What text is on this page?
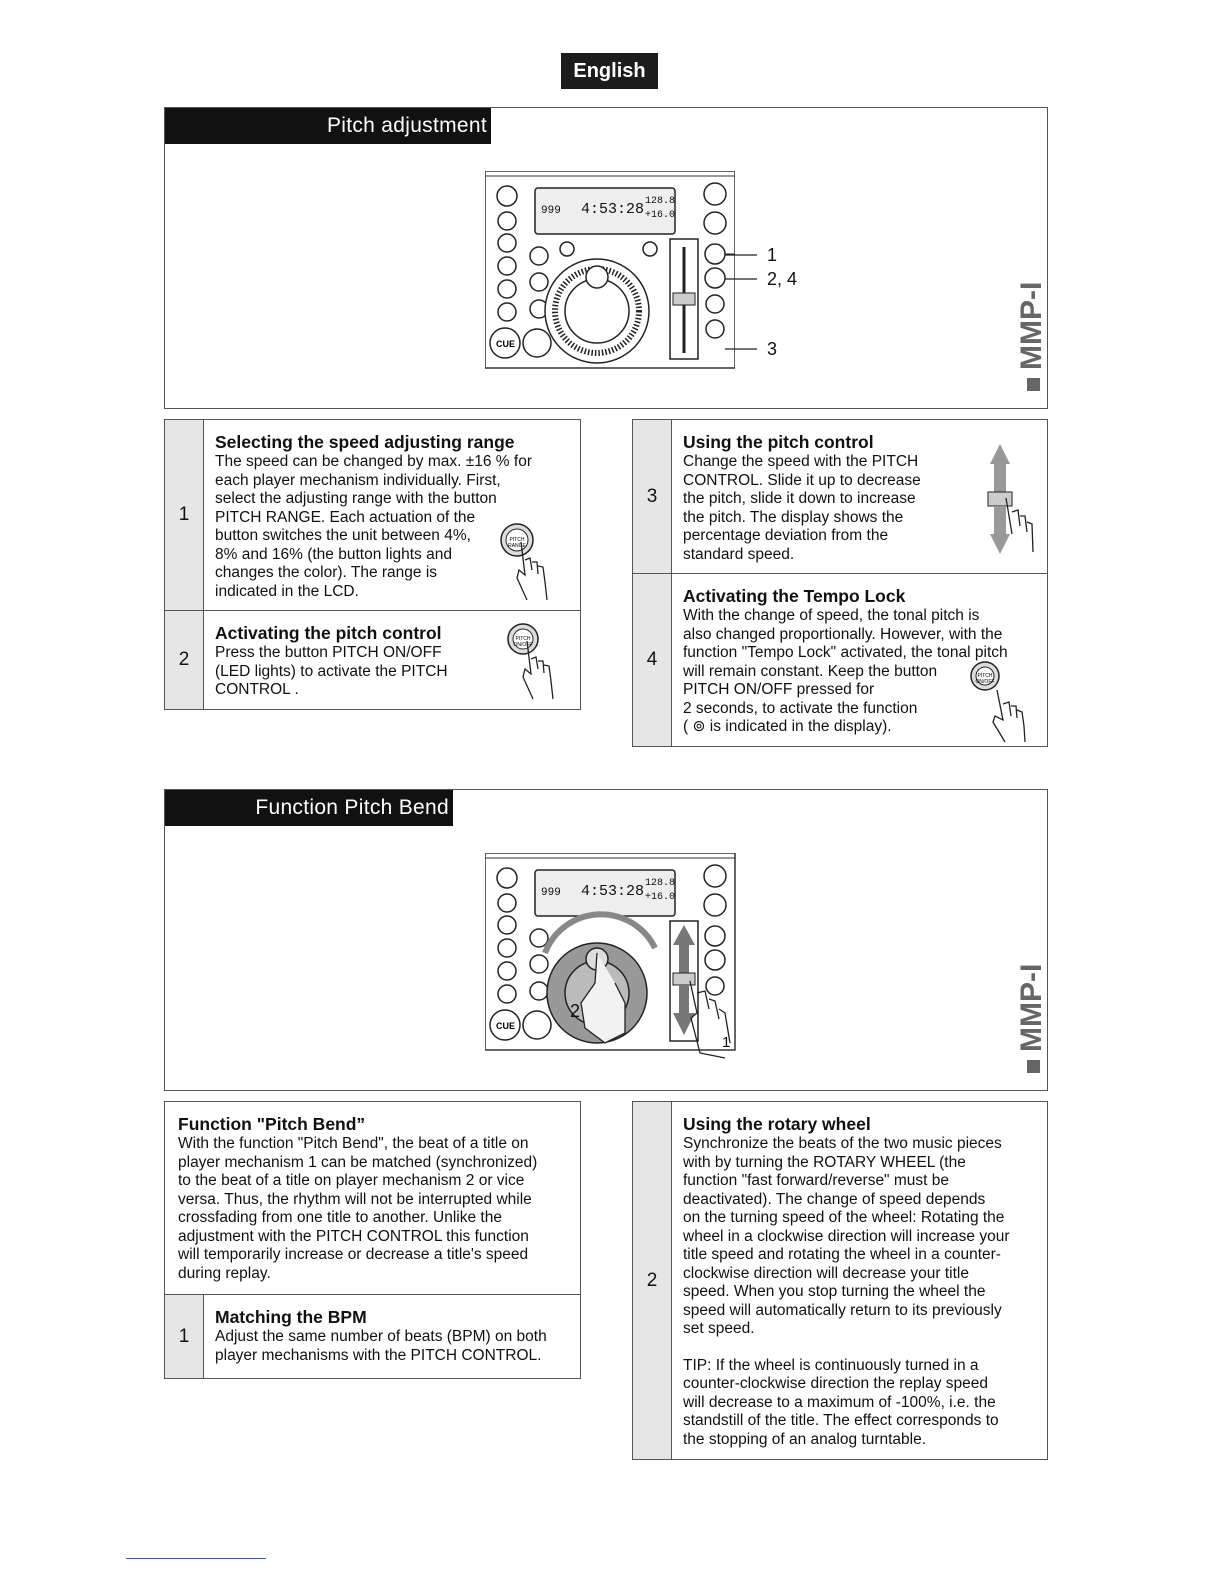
English
Pitch adjustment
999 4:53:28 128.8
+16.0
CUE
1
2, 4
3	MMP-I
1
Selecting the speed adjusting range
The speed can be changed by max. ±16 % for
each player mechanism individually. First,
select the adjusting range with the button
PITCH RANGE. Each actuation of the
button switches the unit between 4%,
8% and 16% (the button lights and
changes the color). The range is
indicated in the LCD.
PITCH
RANGE
2
Activating the pitch control
Press the button PITCH ON/OFF
(LED lights) to activate the PITCH
CONTROL .
PITCH
ON/OFF
3
Using the pitch control
Change the speed with the PITCH
CONTROL. Slide it up to decrease
the pitch, slide it down to increase
the pitch. The display shows the
percentage deviation from the
standard speed.
4
Activating the Tempo Lock
With the change of speed, the tonal pitch is
also changed proportionally. However, with the
function "Tempo Lock" activated, the tonal pitch
will remain constant. Keep the button
PITCH ON/OFF pressed for
2 seconds, to activate the function
( ⊚ is indicated in the display).
PITCH
ON/OFF
Function Pitch Bend
999 4:53:28 128.8
+16.0
CUE
2
1	MMP-I
Function "Pitch Bend”
With the function "Pitch Bend", the beat of a title on
player mechanism 1 can be matched (synchronized)
to the beat of a title on player mechanism 2 or vice
versa. Thus, the rhythm will not be interrupted while
crossfading from one title to another. Unlike the
adjustment with the PITCH CONTROL this function
will temporarily increase or decrease a title's speed
during replay.
1
Matching the BPM
Adjust the same number of beats (BPM) on both
player mechanisms with the PITCH CONTROL.
2
Using the rotary wheel
Synchronize the beats of the two music pieces
with by turning the ROTARY WHEEL (the
function "fast forward/reverse" must be
deactivated). The change of speed depends
on the turning speed of the wheel: Rotating the
wheel in a clockwise direction will increase your
title speed and rotating the wheel in a counter-
clockwise direction will decrease your title
speed. When you stop turning the wheel the
speed will automatically return to its previously
set speed.
TIP: If the wheel is continuously turned in a
counter-clockwise direction the replay speed
will decrease to a maximum of -100%, i.e. the
standstill of the title. The effect corresponds to
the stopping of an analog turntable.
